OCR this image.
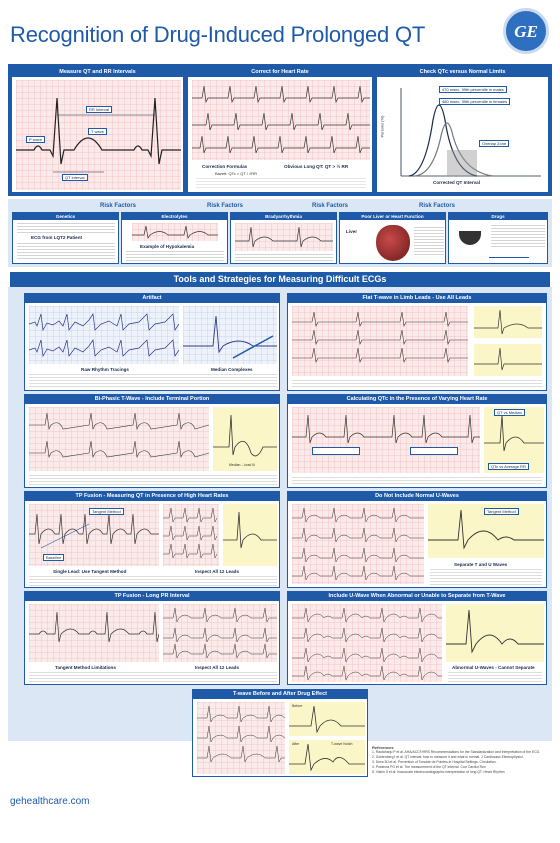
Recognition of Drug-Induced Prolonged QT	GE
Measure QT and RR Intervals
RR Interval
QT interval
T wave
P wave
Correct for Heart Rate
Correction Formulas
Bazett: QTc = QT / √RR
Obvious Long QT: QT > ½ RR
Check QTc versus Normal Limits
470 msec, 99th percentile in males
480 msec, 99th percentile in females
Overlap Zone
Corrected QT Interval
Persons (%)
Risk Factors	Risk Factors	Risk Factors	Risk Factors
Genetics
ECG from LQT2 Patient
Electrolytes
Example of Hypokalemia
Bradyarrhythmia	Poor Liver or Heart Function
Liver
Drugs
Tools and Strategies for Measuring Difficult ECGs
Artifact
Raw Rhythm Tracings	Median Complexes
Flat T-wave in Limb Leads - Use All Leads
Bi-Phasic T-Wave - Include Terminal Portion
Median - Lead III
Calculating QTc in the Presence of Varying Heart Rate
QT vs Median
QTc vs Average RR
TP Fusion - Measuring QT in Presence of High Heart Rates
Tangent Method
Baseline
Single Lead: Use Tangent Method	Inspect All 12 Leads
Do Not Include Normal U-Waves
Tangent Method
Separate T and U Waves
TP Fusion - Long PR Interval
Tangent Method Limitations	Inspect All 12 Leads
Include U-Wave When Abnormal or Unable to Separate from T-Wave
Abnormal U-Waves - Cannot Separate
T-wave Before and After Drug Effect
Before
After	T-wave Notch
References
1. Rautaharju P et al. AHA/ACCF/HRS Recommendations for the Standardization and Interpretation of the ECG.
2. Goldenberg I et al. QT interval: how to measure it and what is normal. J Cardiovasc Electrophysiol.
3. Drew BJ et al. Prevention of Torsade de Pointes in Hospital Settings. Circulation.
4. Postema PG et al. The measurement of the QT interval. Curr Cardiol Rev.
5. Viskin S et al. Inaccurate electrocardiographic interpretation of long QT. Heart Rhythm.
gehealthcare.com
